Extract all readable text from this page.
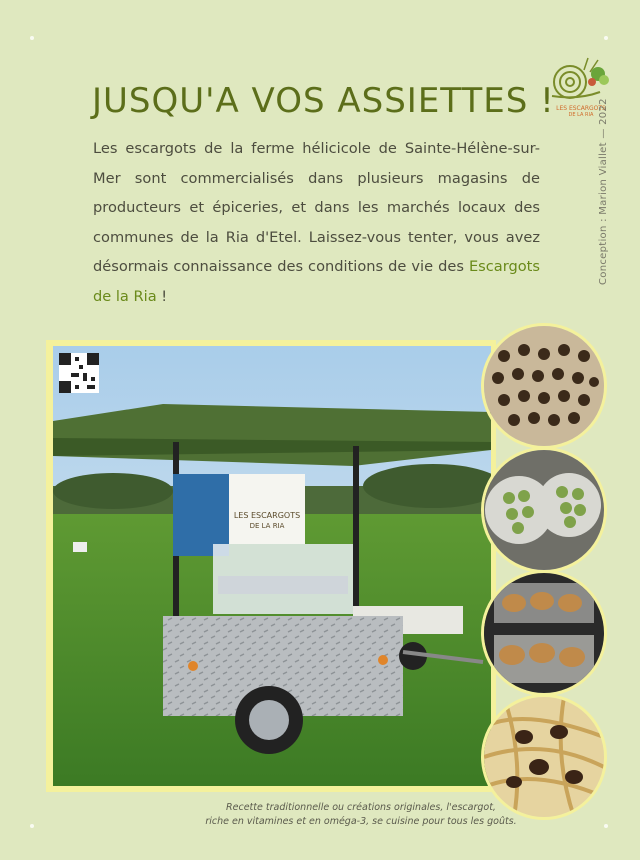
JUSQU'A VOS ASSIETTES ! LES ESCARGOTS
DE LA RIA Conception : Marion Viallet — 2022

Les escargots de la ferme hélicicole de Sainte-Hélène-sur-Mer sont commercialisés dans plusieurs magasins de producteurs et épiceries, et dans les marchés locaux des communes de la Ria d'Etel. Laissez-vous tenter, vous avez désormais connaissance des conditions de vie des Escargots de la Ria !

LES ESCARGOTS
DE LA RIA
Recette traditionnelle ou créations originales, l'escargot,
riche en vitamines et en oméga-3, se cuisine pour tous les goûts.
